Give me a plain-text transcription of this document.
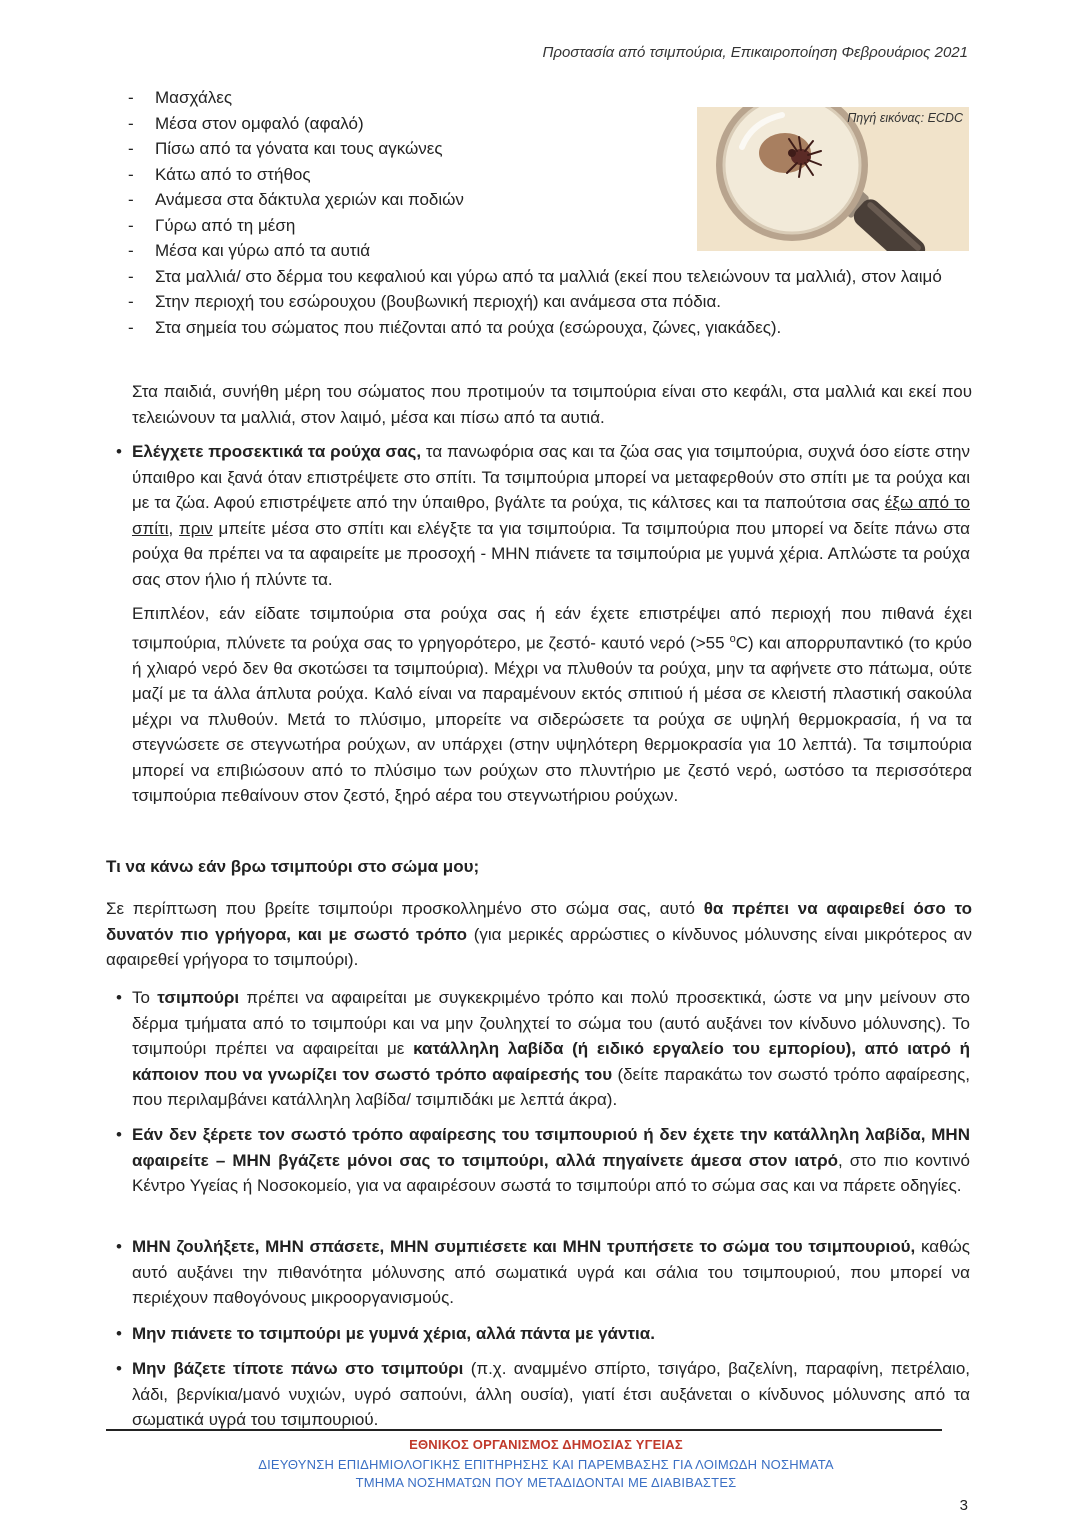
Προστασία από τσιμπούρια, Επικαιροποίηση Φεβρουάριος 2021
Πηγή εικόνας: ECDC
- Μασχάλες
- Μέσα στον ομφαλό (αφαλό)
- Πίσω από τα γόνατα και τους αγκώνες
- Κάτω από το στήθος
- Ανάμεσα στα δάκτυλα χεριών και ποδιών
- Γύρω από τη μέση
- Μέσα και γύρω από τα αυτιά
- Στα μαλλιά/ στο δέρμα του κεφαλιού και γύρω από τα μαλλιά (εκεί που τελειώνουν τα μαλλιά), στον λαιμό
- Στην περιοχή του εσώρουχου (βουβωνική περιοχή) και ανάμεσα στα πόδια.
- Στα σημεία του σώματος που πιέζονται από τα ρούχα (εσώρουχα, ζώνες, γιακάδες).

Στα παιδιά, συνήθη μέρη του σώματος που προτιμούν τα τσιμπούρια είναι στο κεφάλι, στα μαλλιά και εκεί που τελειώνουν τα μαλλιά, στον λαιμό, μέσα και πίσω από τα αυτιά.

• Ελέγχετε προσεκτικά τα ρούχα σας, τα πανωφόρια σας και τα ζώα σας για τσιμπούρια, συχνά όσο είστε στην ύπαιθρο και ξανά όταν επιστρέψετε στο σπίτι. Τα τσιμπούρια μπορεί να μεταφερθούν στο σπίτι με τα ρούχα και με τα ζώα. Αφού επιστρέψετε από την ύπαιθρο, βγάλτε τα ρούχα, τις κάλτσες και τα παπούτσια σας έξω από το σπίτι, πριν μπείτε μέσα στο σπίτι και ελέγξτε τα για τσιμπούρια. Τα τσιμπούρια που μπορεί να δείτε πάνω στα ρούχα θα πρέπει να τα αφαιρείτε με προσοχή - ΜΗΝ πιάνετε τα τσιμπούρια με γυμνά χέρια. Απλώστε τα ρούχα σας στον ήλιο ή πλύντε τα.

Επιπλέον, εάν είδατε τσιμπούρια στα ρούχα σας ή εάν έχετε επιστρέψει από περιοχή που πιθανά έχει τσιμπούρια, πλύνετε τα ρούχα σας το γρηγορότερο, με ζεστό- καυτό νερό (>55 $^o$C) και απορρυπαντικό (το κρύο ή χλιαρό νερό δεν θα σκοτώσει τα τσιμπούρια). Μέχρι να πλυθούν τα ρούχα, μην τα αφήνετε στο πάτωμα, ούτε μαζί με τα άλλα άπλυτα ρούχα. Καλό είναι να παραμένουν εκτός σπιτιού ή μέσα σε κλειστή πλαστική σακούλα μέχρι να πλυθούν. Μετά το πλύσιμο, μπορείτε να σιδερώσετε τα ρούχα σε υψηλή θερμοκρασία, ή να τα στεγνώσετε σε στεγνωτήρα ρούχων, αν υπάρχει (στην υψηλότερη θερμοκρασία για 10 λεπτά). Τα τσιμπούρια μπορεί να επιβιώσουν από το πλύσιμο των ρούχων στο πλυντήριο με ζεστό νερό, ωστόσο τα περισσότερα τσιμπούρια πεθαίνουν στον ζεστό, ξηρό αέρα του στεγνωτήριου ρούχων.

Τι να κάνω εάν βρω τσιμπούρι στο σώμα μου;

Σε περίπτωση που βρείτε τσιμπούρι προσκολλημένο στο σώμα σας, αυτό θα πρέπει να αφαιρεθεί όσο το δυνατόν πιο γρήγορα, και με σωστό τρόπο (για μερικές αρρώστιες ο κίνδυνος μόλυνσης είναι μικρότερος αν αφαιρεθεί γρήγορα το τσιμπούρι).

• Το τσιμπούρι πρέπει να αφαιρείται με συγκεκριμένο τρόπο και πολύ προσεκτικά, ώστε να μην μείνουν στο δέρμα τμήματα από το τσιμπούρι και να μην ζουληχτεί το σώμα του (αυτό αυξάνει τον κίνδυνο μόλυνσης). Το τσιμπούρι πρέπει να αφαιρείται με κατάλληλη λαβίδα (ή ειδικό εργαλείο του εμπορίου), από ιατρό ή κάποιον που να γνωρίζει τον σωστό τρόπο αφαίρεσής του (δείτε παρακάτω τον σωστό τρόπο αφαίρεσης, που περιλαμβάνει κατάλληλη λαβίδα/ τσιμπιδάκι με λεπτά άκρα).
• Εάν δεν ξέρετε τον σωστό τρόπο αφαίρεσης του τσιμπουριού ή δεν έχετε την κατάλληλη λαβίδα, ΜΗΝ αφαιρείτε – ΜΗΝ βγάζετε μόνοι σας το τσιμπούρι, αλλά πηγαίνετε άμεσα στον ιατρό, στο πιο κοντινό Κέντρο Υγείας ή Νοσοκομείο, για να αφαιρέσουν σωστά το τσιμπούρι από το σώμα σας και να πάρετε οδηγίες.
• ΜΗΝ ζουλήξετε, ΜΗΝ σπάσετε, ΜΗΝ συμπιέσετε και ΜΗΝ τρυπήσετε το σώμα του τσιμπουριού, καθώς αυτό αυξάνει την πιθανότητα μόλυνσης από σωματικά υγρά και σάλια του τσιμπουριού, που μπορεί να περιέχουν παθογόνους μικροοργανισμούς.
• Μην πιάνετε το τσιμπούρι με γυμνά χέρια, αλλά πάντα με γάντια.
• Μην βάζετε τίποτε πάνω στο τσιμπούρι (π.χ. αναμμένο σπίρτο, τσιγάρο, βαζελίνη, παραφίνη, πετρέλαιο, λάδι, βερνίκια/μανό νυχιών, υγρό σαπούνι, άλλη ουσία), γιατί έτσι αυξάνεται ο κίνδυνος μόλυνσης από τα σωματικά υγρά του τσιμπουριού.
ΕΘΝΙΚΟΣ ΟΡΓΑΝΙΣΜΟΣ ΔΗΜΟΣΙΑΣ ΥΓΕΙΑΣ
ΔΙΕΥΘΥΝΣΗ ΕΠΙΔΗΜΙΟΛΟΓΙΚΗΣ ΕΠΙΤΗΡΗΣΗΣ ΚΑΙ ΠΑΡΕΜΒΑΣΗΣ ΓΙΑ ΛΟΙΜΩΔΗ ΝΟΣΗΜΑΤΑ
ΤΜΗΜΑ ΝΟΣΗΜΑΤΩΝ ΠΟΥ ΜΕΤΑΔΙΔΟΝΤΑΙ ΜΕ ΔΙΑΒΙΒΑΣΤΕΣ
3
